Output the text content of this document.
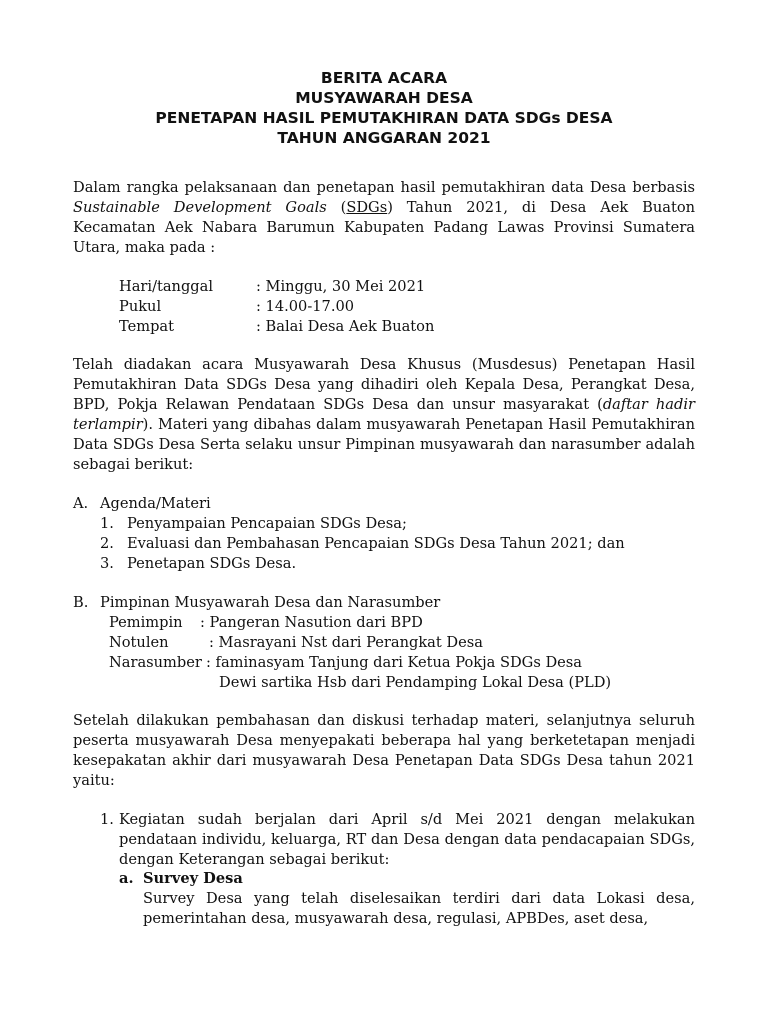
BERITA ACARA
MUSYAWARAH DESA
PENETAPAN HASIL PEMUTAKHIRAN DATA SDGs DESA
TAHUN ANGGARAN 2021
Dalam rangka pelaksanaan dan penetapan hasil pemutakhiran data Desa berbasis Sustainable Development Goals (SDGs) Tahun 2021, di Desa Aek Buaton Kecamatan Aek Nabara Barumun Kabupaten Padang Lawas Provinsi Sumatera Utara, maka pada :
Hari/tanggal	: Minggu, 30 Mei 2021
Pukul	: 14.00-17.00
Tempat	: Balai Desa Aek Buaton
Telah diadakan acara Musyawarah Desa Khusus (Musdesus) Penetapan Hasil Pemutakhiran Data SDGs Desa yang dihadiri oleh Kepala Desa, Perangkat Desa, BPD, Pokja Relawan Pendataan SDGs Desa dan unsur masyarakat (daftar hadir terlampir). Materi yang dibahas dalam musyawarah Penetapan Hasil Pemutakhiran Data SDGs Desa Serta selaku unsur Pimpinan musyawarah dan narasumber adalah sebagai berikut:
A. Agenda/Materi
1. Penyampaian Pencapaian SDGs Desa;
2. Evaluasi dan Pembahasan Pencapaian SDGs Desa Tahun 2021; dan
3. Penetapan SDGs Desa.
B. Pimpinan Musyawarah Desa dan Narasumber
Pemimpin : Pangeran Nasution dari BPD
Notulen	: Masrayani Nst dari Perangkat Desa
Narasumber : faminasyam Tanjung dari Ketua Pokja SDGs Desa
Dewi sartika Hsb dari Pendamping Lokal Desa (PLD)
Setelah dilakukan pembahasan dan diskusi terhadap materi, selanjutnya seluruh peserta musyawarah Desa menyepakati beberapa hal yang berketetapan menjadi kesepakatan akhir dari musyawarah Desa Penetapan Data SDGs Desa tahun 2021 yaitu:
1. Kegiatan sudah berjalan dari April s/d Mei 2021 dengan melakukan pendataan individu, keluarga, RT dan Desa dengan data pendacapaian SDGs, dengan Keterangan sebagai berikut:
a. Survey Desa
Survey Desa yang telah diselesaikan terdiri dari data Lokasi desa, pemerintahan desa, musyawarah desa, regulasi, APBDes, aset desa,
